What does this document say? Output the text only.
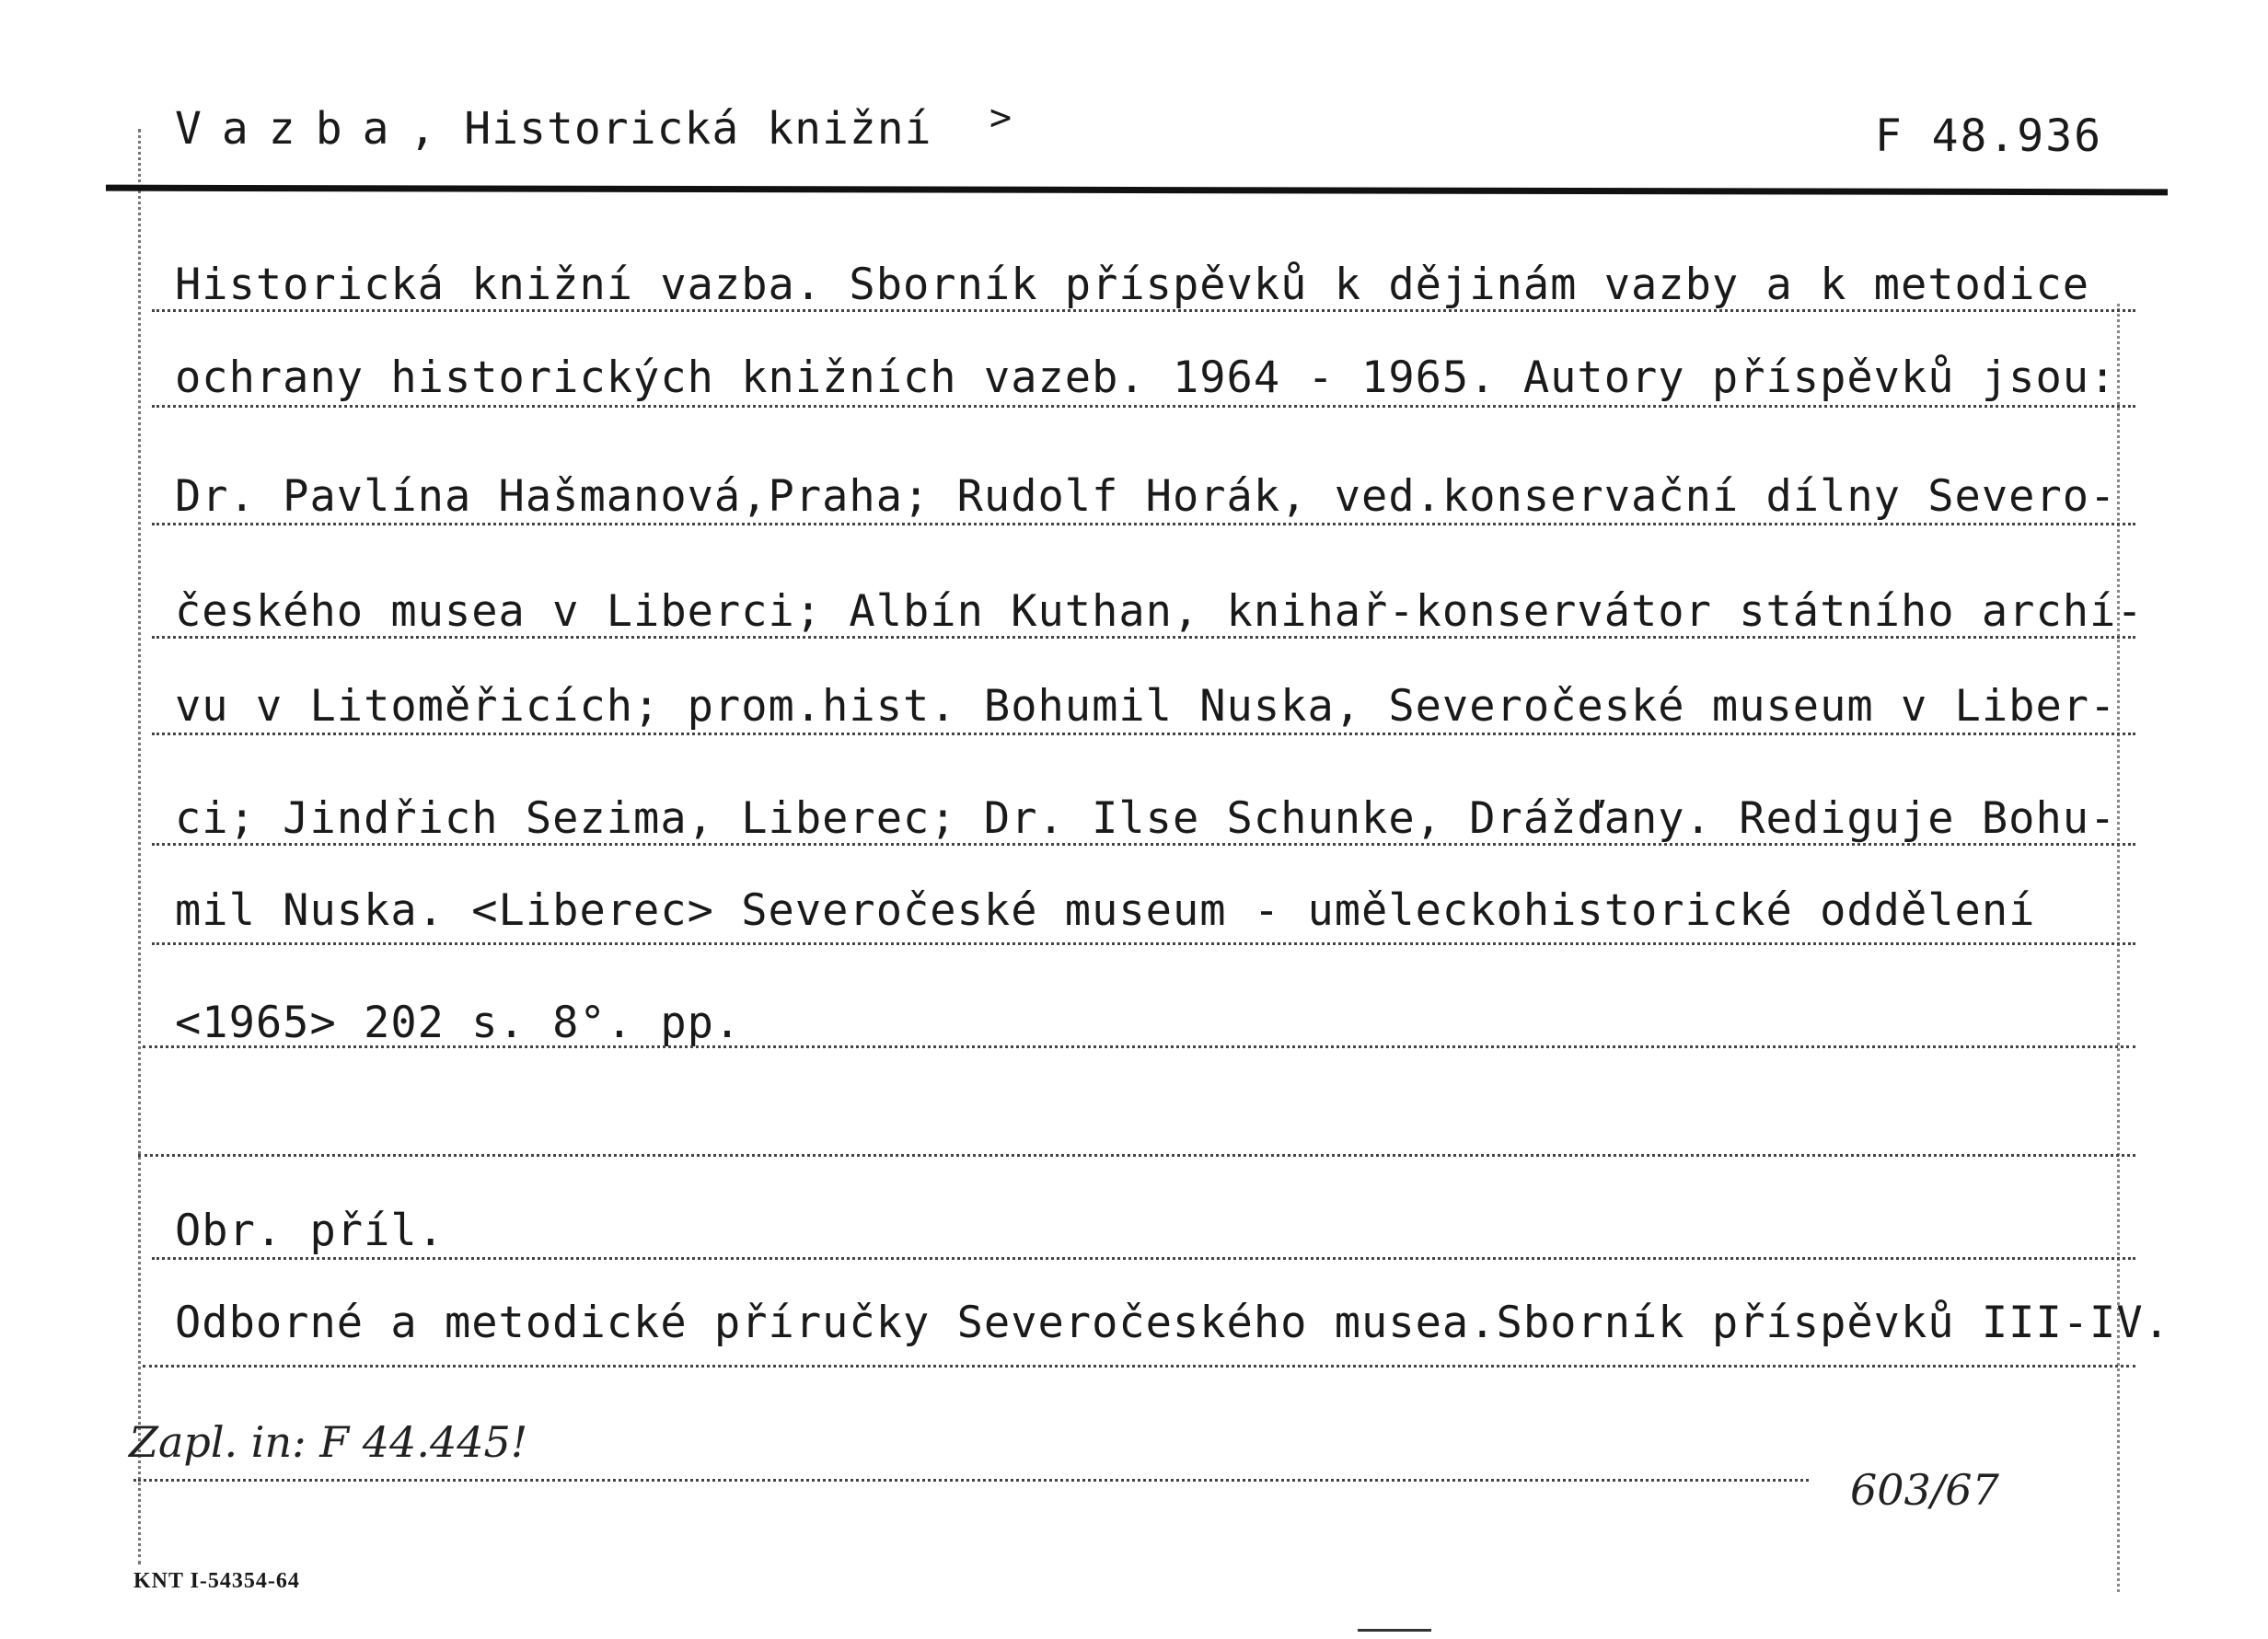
Vazba, Historická knižní >	F 48.936
Historická knižní vazba. Sborník příspěvků k dějinám vazby a k metodice
ochrany historických knižních vazeb. 1964 - 1965. Autory příspěvků jsou:
Dr. Pavlína Hašmanová,Praha; Rudolf Horák, ved.konservační dílny Severo-
českého musea v Liberci; Albín Kuthan, knihař-konservátor státního archí-
vu v Litoměřicích; prom.hist. Bohumil Nuska, Severočeské museum v Liber-
ci; Jindřich Sezima, Liberec; Dr. Ilse Schunke, Drážďany. Rediguje Bohu-
mil Nuska. <Liberec> Severočeské museum - uměleckohistorické oddělení
<1965> 202 s. 8°. pp.
Obr. příl.
Odborné a metodické příručky Severočeského musea.Sborník příspěvků III-IV.
Zapl. in: F 44.445!
603/67
KNT I-54354-64
